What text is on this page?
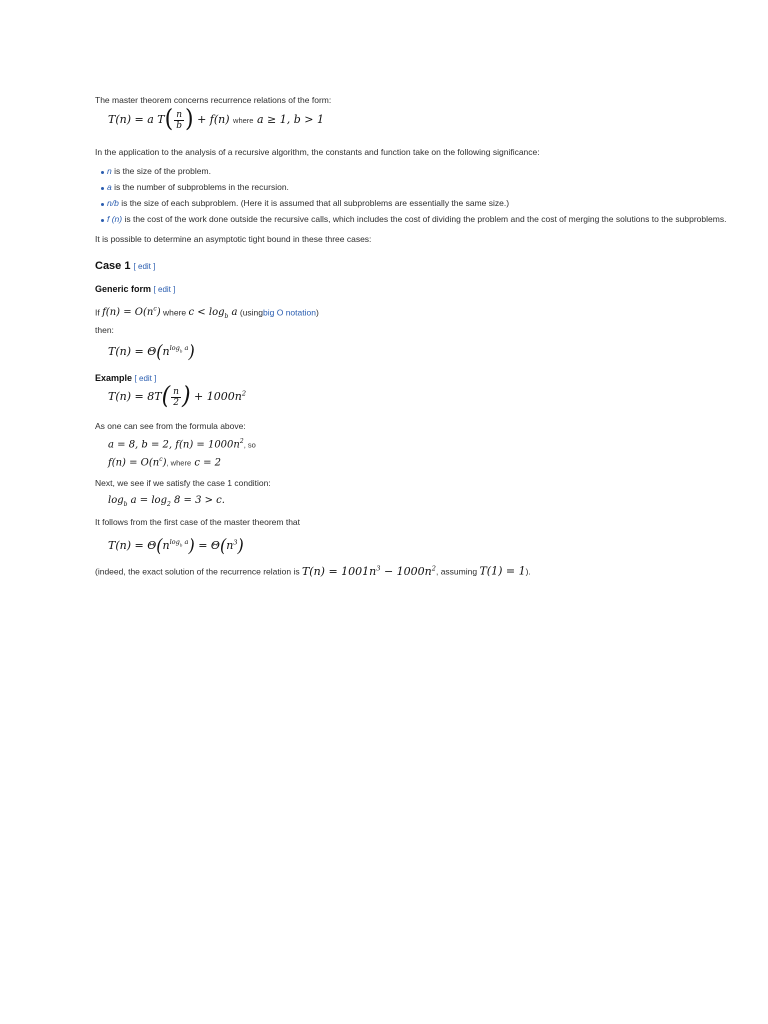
The master theorem concerns recurrence relations of the form:
T(n) = a $T( \frac{n}{b}$ ) + f(n) where a ≥ 1, b > 1
In the application to the analysis of a recursive algorithm, the constants and function take on the following significance:
n is the size of the problem.
a is the number of subproblems in the recursion.
n/b is the size of each subproblem. (Here it is assumed that all subproblems are essentially the same size.)
f (n) is the cost of the work done outside the recursive calls, which includes the cost of dividing the problem and the cost of merging the solutions to the subproblems.
It is possible to determine an asymptotic tight bound in these three cases:
Case 1 [ edit ]
Generic form [ edit ]
If $f(n) = O(n^c)$ where $c < \log_b a$ (usingbig O notation)
then:
$T(n) = \Theta(n^{log_b a})$
Example [ edit ]
$T(n) = 8T( \frac{n}{2}$ ) + $1000n^2$
As one can see from the formula above:
a = 8, b = 2, $f(n) = 1000n^2$, so
$f(n) = O(n^c)$, where c = 2
Next, we see if we satisfy the case 1 condition:
$\log_b a = \log_2 8 = 3 > c$.
It follows from the first case of the master theorem that
$T(n) = \Theta(n^{log_b a}) = \Theta(n^3)$
(indeed, the exact solution of the recurrence relation is $T(n) = 1001n^3 - 1000n^2$, assuming T(1) = 1).
